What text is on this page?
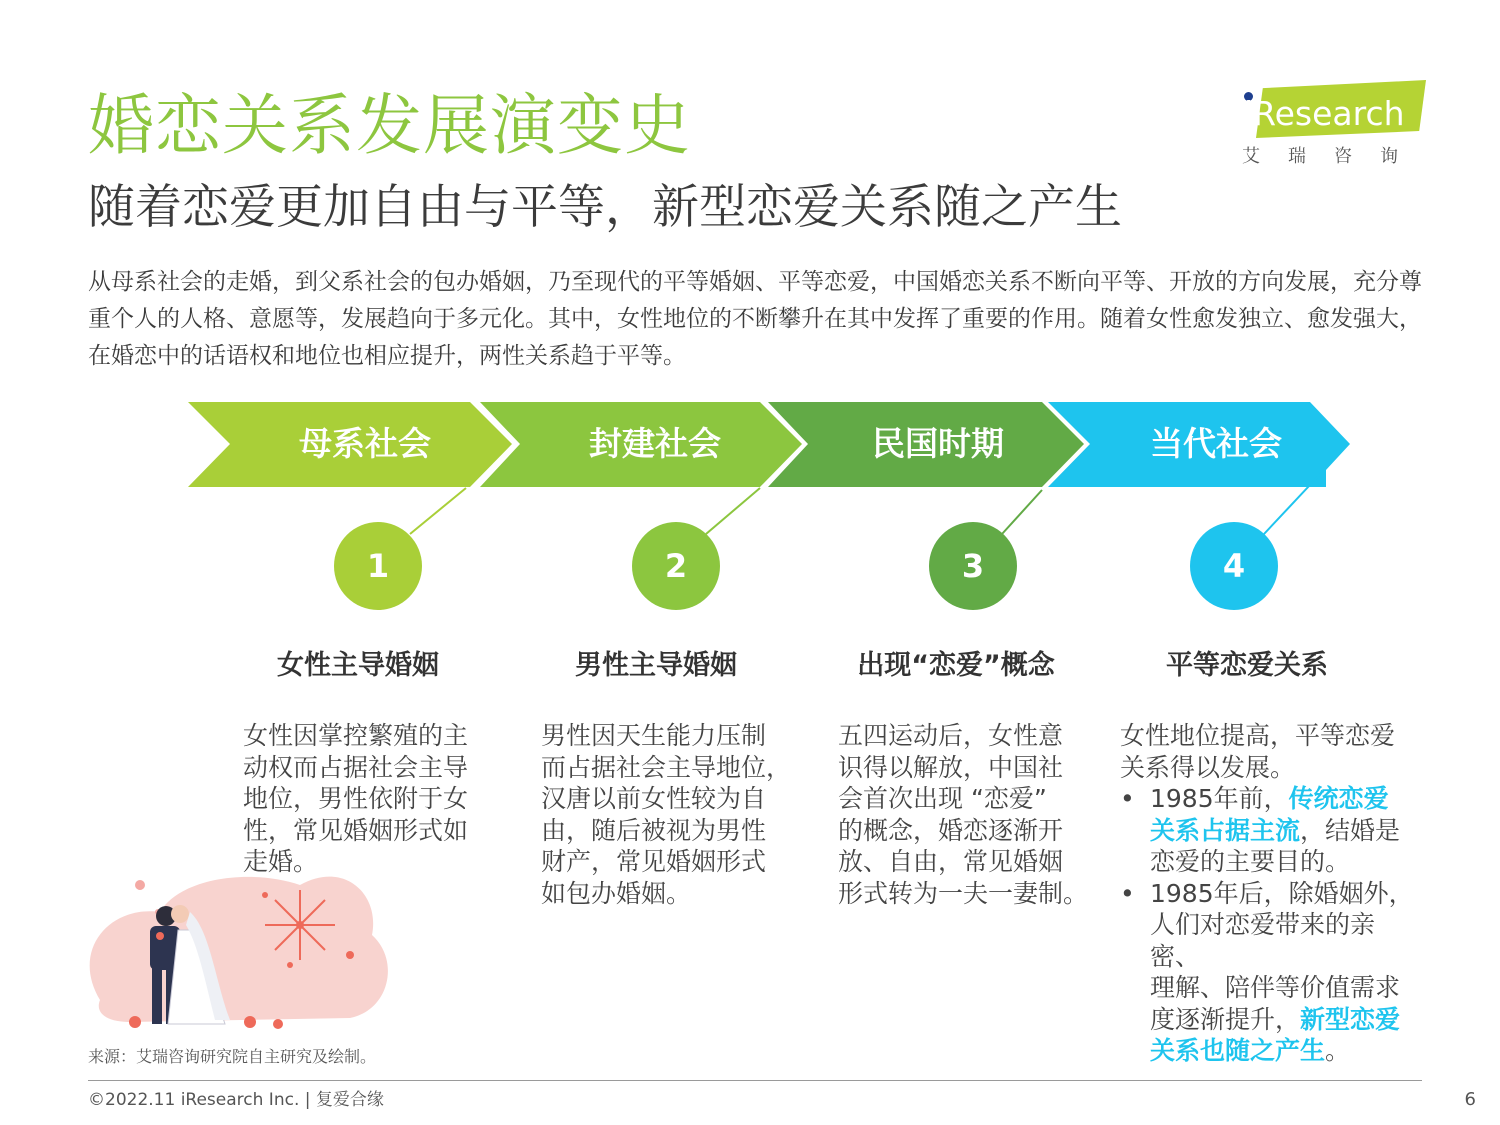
婚恋关系发展演变史
随着恋爱更加自由与平等，新型恋爱关系随之产生
从母系社会的走婚，到父系社会的包办婚姻，乃至现代的平等婚姻、平等恋爱，中国婚恋关系不断向平等、开放的方向发展，充分尊重个人的人格、意愿等，发展趋向于多元化。其中，女性地位的不断攀升在其中发挥了重要的作用。随着女性愈发独立、愈发强大，在婚恋中的话语权和地位也相应提升，两性关系趋于平等。
iResearch
艾瑞咨询
母系社会	封建社会	民国时期	当代社会
1	2	3	4
女性主导婚姻	男性主导婚姻	出现“恋爱”概念	平等恋爱关系

女性因掌控繁殖的主

动权而占据社会主导

地位，男性依附于女

性，常见婚姻形式如

走婚。

男性因天生能力压制

而占据社会主导地位，

汉唐以前女性较为自

由，随后被视为男性

财产，常见婚姻形式

如包办婚姻。

五四运动后，女性意

识得以解放，中国社

会首次出现 “恋爱”

的概念，婚恋逐渐开

放、自由，常见婚姻

形式转为一夫一妻制。

女性地位提高，平等恋爱

关系得以发展。

• 1985年前，传统恋爱

关系占据主流，结婚是

恋爱的主要目的。

• 1985年后，除婚姻外，

人们对恋爱带来的亲密、

理解、陪伴等价值需求

度逐渐提升，新型恋爱

关系也随之产生。

来源：艾瑞咨询研究院自主研究及绘制。
©2022.11 iResearch Inc. | 复爱合缘	6
